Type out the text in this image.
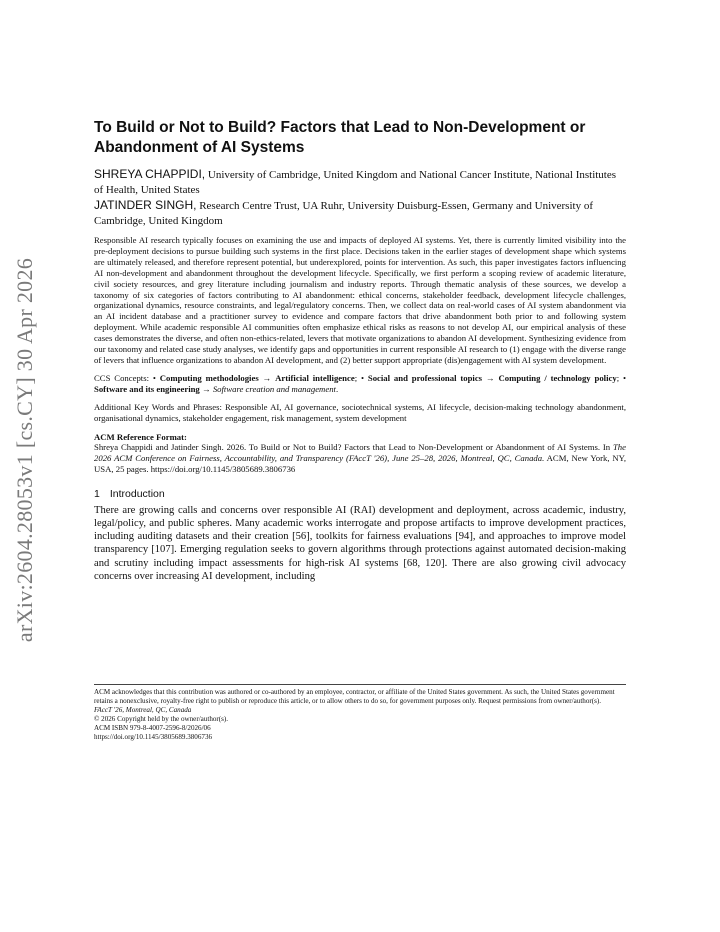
arXiv:2604.28053v1 [cs.CY] 30 Apr 2026
To Build or Not to Build? Factors that Lead to Non-Development or Abandonment of AI Systems

SHREYA CHAPPIDI, University of Cambridge, United Kingdom and National Cancer Institute, National Institutes of Health, United States

JATINDER SINGH, Research Centre Trust, UA Ruhr, University Duisburg-Essen, Germany and University of Cambridge, United Kingdom

Responsible AI research typically focuses on examining the use and impacts of deployed AI systems. Yet, there is currently limited visibility into the pre-deployment decisions to pursue building such systems in the first place. Decisions taken in the earlier stages of development shape which systems are ultimately released, and therefore represent potential, but underexplored, points for intervention. As such, this paper investigates factors influencing AI non-development and abandonment throughout the development lifecycle. Specifically, we first perform a scoping review of academic literature, civil society resources, and grey literature including journalism and industry reports. Through thematic analysis of these sources, we develop a taxonomy of six categories of factors contributing to AI abandonment: ethical concerns, stakeholder feedback, development lifecycle challenges, organizational dynamics, resource constraints, and legal/regulatory concerns. Then, we collect data on real-world cases of AI system abandonment via an AI incident database and a practitioner survey to evidence and compare factors that drive abandonment both prior to and following system deployment. While academic responsible AI communities often emphasize ethical risks as reasons to not develop AI, our empirical analysis of these cases demonstrates the diverse, and often non-ethics-related, levers that motivate organizations to abandon AI development. Synthesizing evidence from our taxonomy and related case study analyses, we identify gaps and opportunities in current responsible AI research to (1) engage with the diverse range of levers that influence organizations to abandon AI development, and (2) better support appropriate (dis)engagement with AI system development.

CCS Concepts: • Computing methodologies → Artificial intelligence; • Social and professional topics → Computing / technology policy; • Software and its engineering → Software creation and management.

Additional Key Words and Phrases: Responsible AI, AI governance, sociotechnical systems, AI lifecycle, decision-making technology abandonment, organisational dynamics, stakeholder engagement, risk management, system development

ACM Reference Format:

Shreya Chappidi and Jatinder Singh. 2026. To Build or Not to Build? Factors that Lead to Non-Development or Abandonment of AI Systems. In The 2026 ACM Conference on Fairness, Accountability, and Transparency (FAccT '26), June 25–28, 2026, Montreal, QC, Canada. ACM, New York, NY, USA, 25 pages. https://doi.org/10.1145/3805689.3806736

1 Introduction

There are growing calls and concerns over responsible AI (RAI) development and deployment, across academic, industry, legal/policy, and public spheres. Many academic works interrogate and propose artifacts to improve development practices, including auditing datasets and their creation [56], toolkits for fairness evaluations [94], and approaches to improve model transparency [107]. Emerging regulation seeks to govern algorithms through protections against automated decision-making and scrutiny including impact assessments for high-risk AI systems [68, 120]. There are also growing civil advocacy concerns over increasing AI development, including

ACM acknowledges that this contribution was authored or co-authored by an employee, contractor, or affiliate of the United States government. As such, the United States government retains a nonexclusive, royalty-free right to publish or reproduce this article, or to allow others to do so, for government purposes only. Request permissions from owner/author(s).

FAccT '26, Montreal, QC, Canada

© 2026 Copyright held by the owner/author(s).

ACM ISBN 979-8-4007-2596-8/2026/06

https://doi.org/10.1145/3805689.3806736
